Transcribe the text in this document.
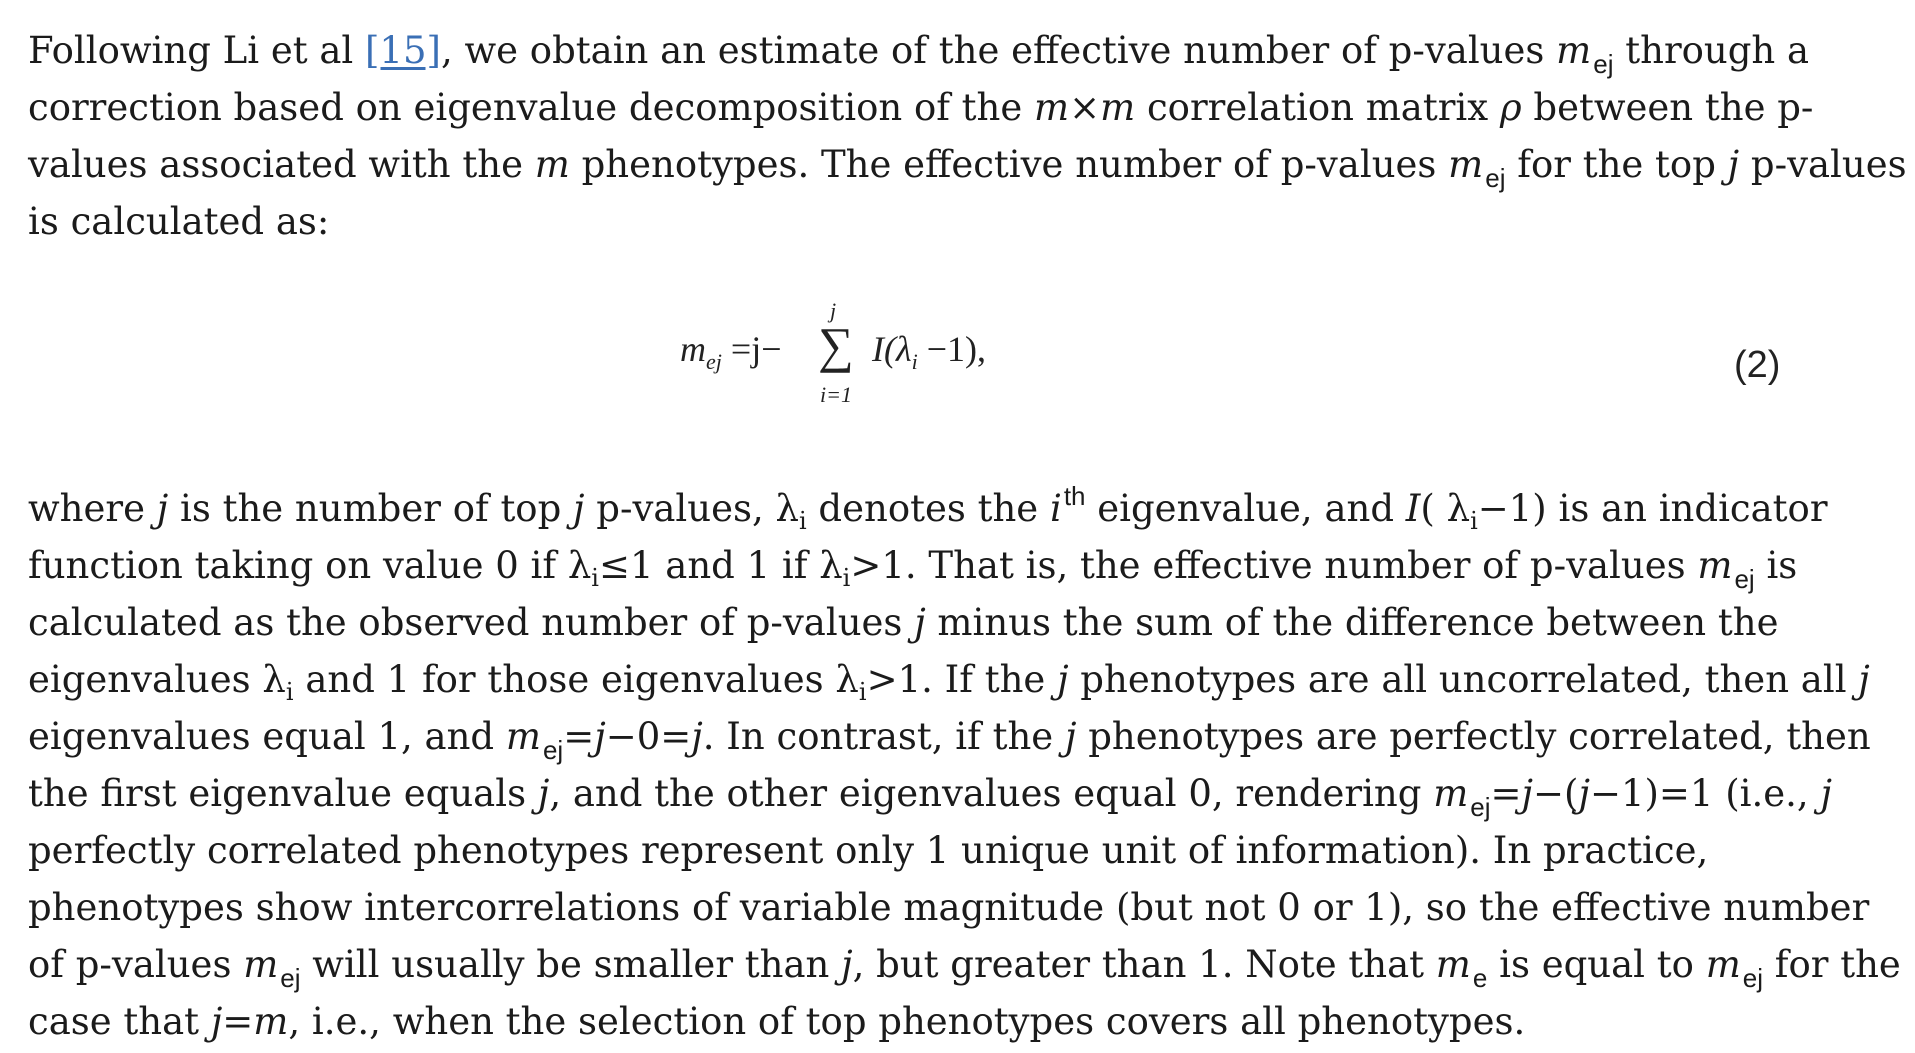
Following Li et al [15], we obtain an estimate of the effective number of p-values $m_{ej}$ through a
correction based on eigenvalue decomposition of the m×m correlation matrix ρ between the p-
values associated with the m phenotypes. The effective number of p-values $m_{ej}$ for the top j p-values
is calculated as:
$m_{ej} =j-$
j
∑
i=1
$I(\lambda_i -1)$,	(2)
where j is the number of top j p-values, $\lambda_i$ denotes the $i^{th}$ eigenvalue, and I( $\lambda_i-1$) is an indicator
function taking on value 0 if $\lambda_i\le 1$ and 1 if $\lambda_i>1$. That is, the effective number of p-values $m_{ej}$ is
calculated as the observed number of p-values j minus the sum of the difference between the
eigenvalues $\lambda_i$ and 1 for those eigenvalues $\lambda_i>1$. If the j phenotypes are all uncorrelated, then all j
eigenvalues equal 1, and $m_{ej}=j-0=j$. In contrast, if the j phenotypes are perfectly correlated, then
the first eigenvalue equals j, and the other eigenvalues equal 0, rendering $m_{ej}=j-(j-1)=1$ (i.e., j
perfectly correlated phenotypes represent only 1 unique unit of information). In practice,
phenotypes show intercorrelations of variable magnitude (but not 0 or 1), so the effective number
of p-values $m_{ej}$ will usually be smaller than j, but greater than 1. Note that $m_e$ is equal to $m_{ej}$ for the
case that j=m, i.e., when the selection of top phenotypes covers all phenotypes.
